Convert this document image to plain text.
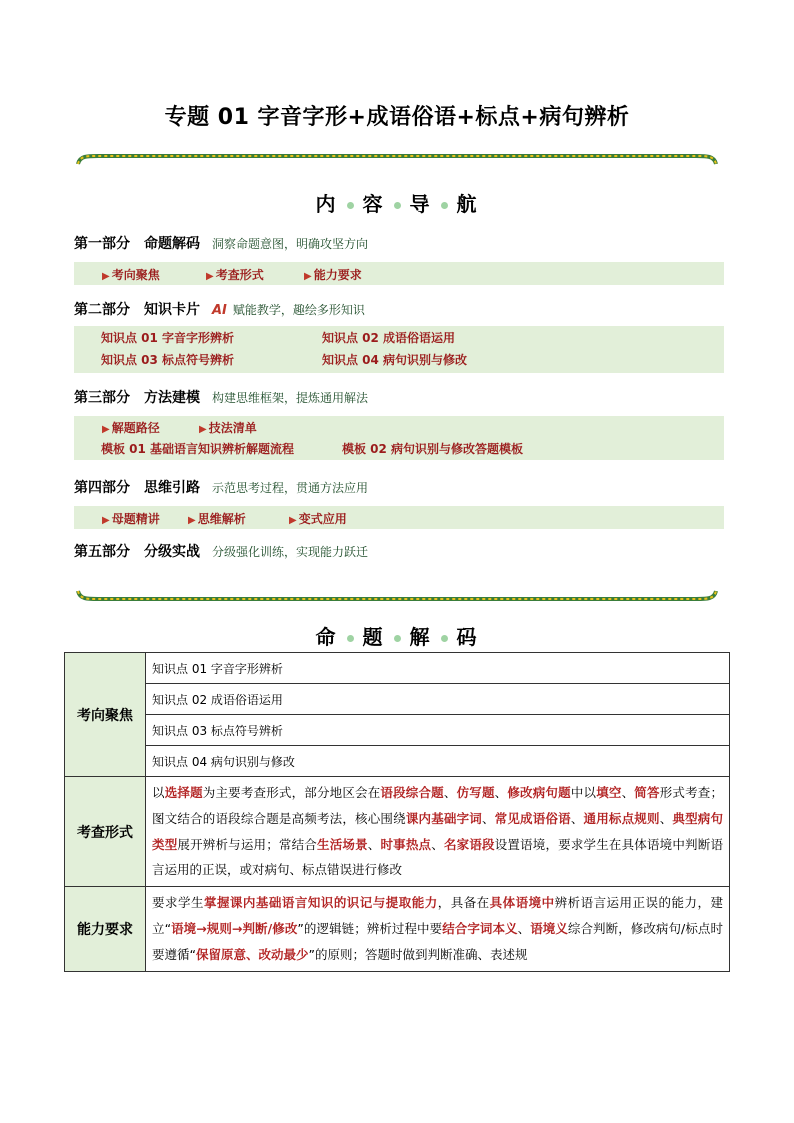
专题 01 字音字形+成语俗语+标点+病句辨析
内 容 导 航
第一部分 命题解码 洞察命题意图，明确攻坚方向
▶ 考向聚焦	▶ 考查形式	▶ 能力要求
第二部分 知识卡片 AI 赋能教学，趣绘多形知识
知识点 01 字音字形辨析	知识点 02 成语俗语运用
知识点 03 标点符号辨析	知识点 04 病句识别与修改
第三部分 方法建模 构建思维框架，提炼通用解法
▶ 解题路径	▶ 技法清单
模板 01 基础语言知识辨析解题流程	模板 02 病句识别与修改答题模板
第四部分 思维引路 示范思考过程，贯通方法应用
▶ 母题精讲	▶ 思维解析	▶ 变式应用
第五部分 分级实战 分级强化训练，实现能力跃迁
命 题 解 码
考向聚焦	知识点 01 字音字形辨析
	知识点 02 成语俗语运用
	知识点 03 标点符号辨析
	知识点 04 病句识别与修改
考查形式	以选择题为主要考查形式，部分地区会在语段综合题、仿写题、修改病句题中以填空、简答形式考查；图文结合的语段综合题是高频考法，核心围绕课内基础字词、常见成语俗语、通用标点规则、典型病句类型展开辨析与运用；常结合生活场景、时事热点、名家语段设置语境，要求学生在具体语境中判断语言运用的正误，或对病句、标点错误进行修改

能力要求	要求学生掌握课内基础语言知识的识记与提取能力，具备在具体语境中辨析语言运用正误的能力，建立“语境→规则→判断/修改”的逻辑链；辨析过程中要结合字词本义、语境义综合判断，修改病句/标点时要遵循“保留原意、改动最少”的原则；答题时做到判断准确、表述规
